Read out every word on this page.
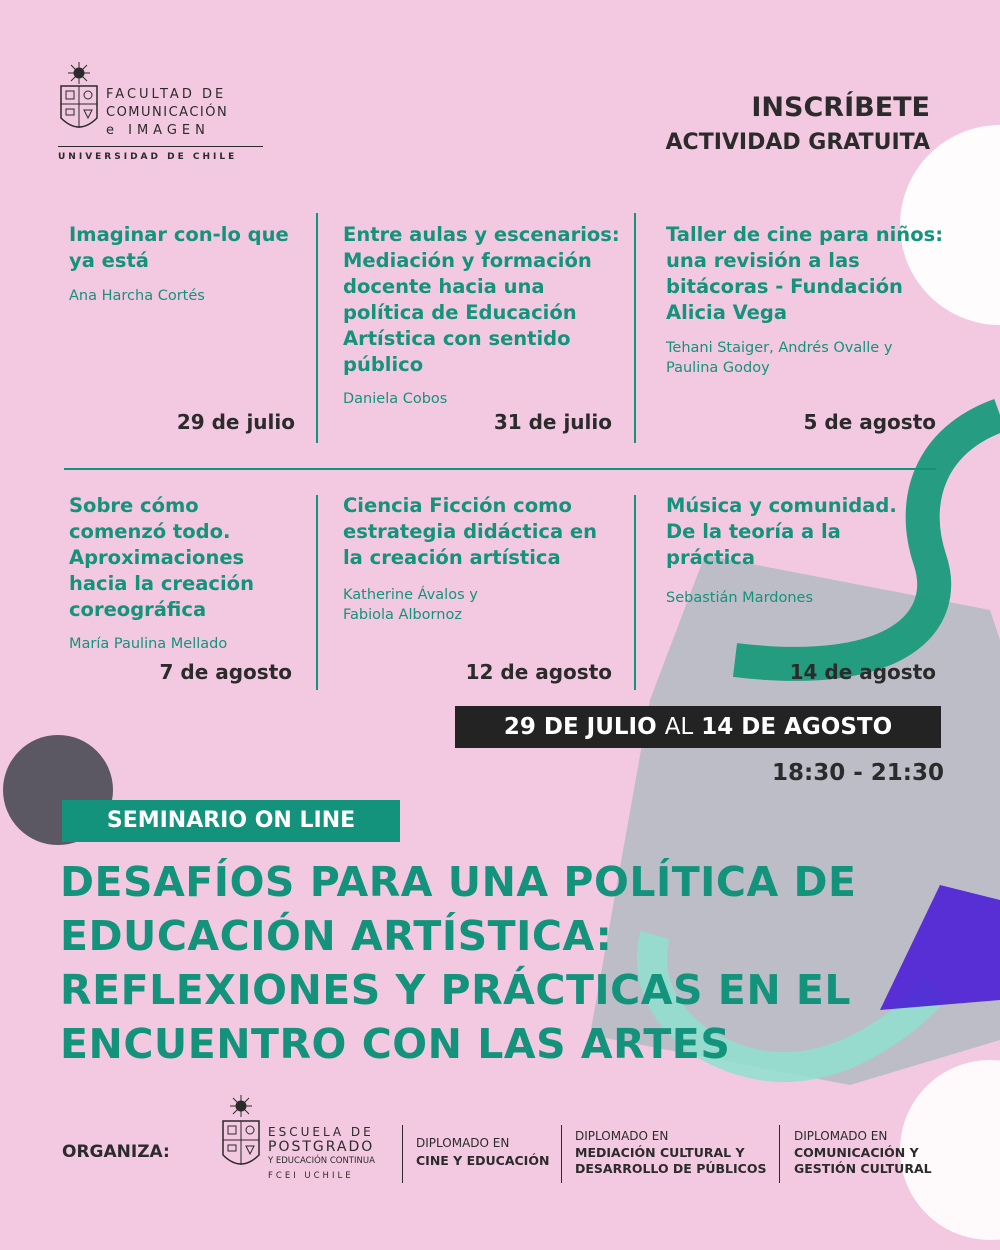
FACULTAD DE
COMUNICACIÓN
e IMAGEN
UNIVERSIDAD DE CHILE
INSCRÍBETE
ACTIVIDAD GRATUITA
Imaginar con-lo que ya está
Ana Harcha Cortés
29 de julio
Entre aulas y escenarios: Mediación y formación docente hacia una política de Educación Artística con sentido público
Daniela Cobos
31 de julio
Taller de cine para niños: una revisión a las bitácoras - Fundación Alicia Vega
Tehani Staiger, Andrés Ovalle y Paulina Godoy
5 de agosto
Sobre cómo comenzó todo. Aproximaciones hacia la creación coreográfica
María Paulina Mellado
7 de agosto
Ciencia Ficción como estrategia didáctica en la creación artística
Katherine Ávalos y Fabiola Albornoz
12 de agosto
Música y comunidad. De la teoría a la práctica
Sebastián Mardones
14 de agosto
29 DE JULIO AL 14 DE AGOSTO
18:30 - 21:30
SEMINARIO ON LINE
DESAFÍOS PARA UNA POLÍTICA DE
EDUCACIÓN ARTÍSTICA:
REFLEXIONES Y PRÁCTICAS EN EL
ENCUENTRO CON LAS ARTES
ORGANIZA:
ESCUELA DE
POSTGRADO
Y EDUCACIÓN CONTINUA
FCEI UCHILE
DIPLOMADO EN
CINE Y EDUCACIÓN
DIPLOMADO EN
MEDIACIÓN CULTURAL Y
DESARROLLO DE PÚBLICOS
DIPLOMADO EN
COMUNICACIÓN Y
GESTIÓN CULTURAL
